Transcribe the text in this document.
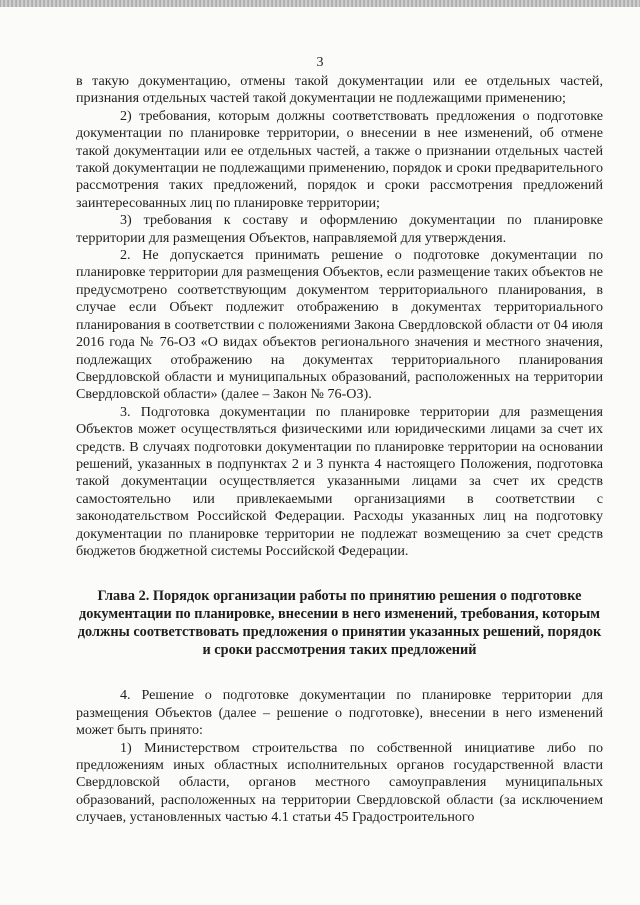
3

в такую документацию, отмены такой документации или ее отдельных частей, признания отдельных частей такой документации не подлежащими применению;

2) требования, которым должны соответствовать предложения о подготовке документации по планировке территории, о внесении в нее изменений, об отмене такой документации или ее отдельных частей, а также о признании отдельных частей такой документации не подлежащими применению, порядок и сроки предварительного рассмотрения таких предложений, порядок и сроки рассмотрения предложений заинтересованных лиц по планировке территории;

3) требования к составу и оформлению документации по планировке территории для размещения Объектов, направляемой для утверждения.

2. Не допускается принимать решение о подготовке документации по планировке территории для размещения Объектов, если размещение таких объектов не предусмотрено соответствующим документом территориального планирования, в случае если Объект подлежит отображению в документах территориального планирования в соответствии с положениями Закона Свердловской области от 04 июля 2016 года № 76-ОЗ «О видах объектов регионального значения и местного значения, подлежащих отображению на документах территориального планирования Свердловской области и муниципальных образований, расположенных на территории Свердловской области» (далее – Закон № 76-ОЗ).

3. Подготовка документации по планировке территории для размещения Объектов может осуществляться физическими или юридическими лицами за счет их средств. В случаях подготовки документации по планировке территории на основании решений, указанных в подпунктах 2 и 3 пункта 4 настоящего Положения, подготовка такой документации осуществляется указанными лицами за счет их средств самостоятельно или привлекаемыми организациями в соответствии с законодательством Российской Федерации. Расходы указанных лиц на подготовку документации по планировке территории не подлежат возмещению за счет средств бюджетов бюджетной системы Российской Федерации.

Глава 2. Порядок организации работы по принятию решения о подготовке документации по планировке, внесении в него изменений, требования, которым должны соответствовать предложения о принятии указанных решений, порядок и сроки рассмотрения таких предложений

4. Решение о подготовке документации по планировке территории для размещения Объектов (далее – решение о подготовке), внесении в него изменений может быть принято:

1) Министерством строительства по собственной инициативе либо по предложениям иных областных исполнительных органов государственной власти Свердловской области, органов местного самоуправления муниципальных образований, расположенных на территории Свердловской области (за исключением случаев, установленных частью 4.1 статьи 45 Градостроительного
